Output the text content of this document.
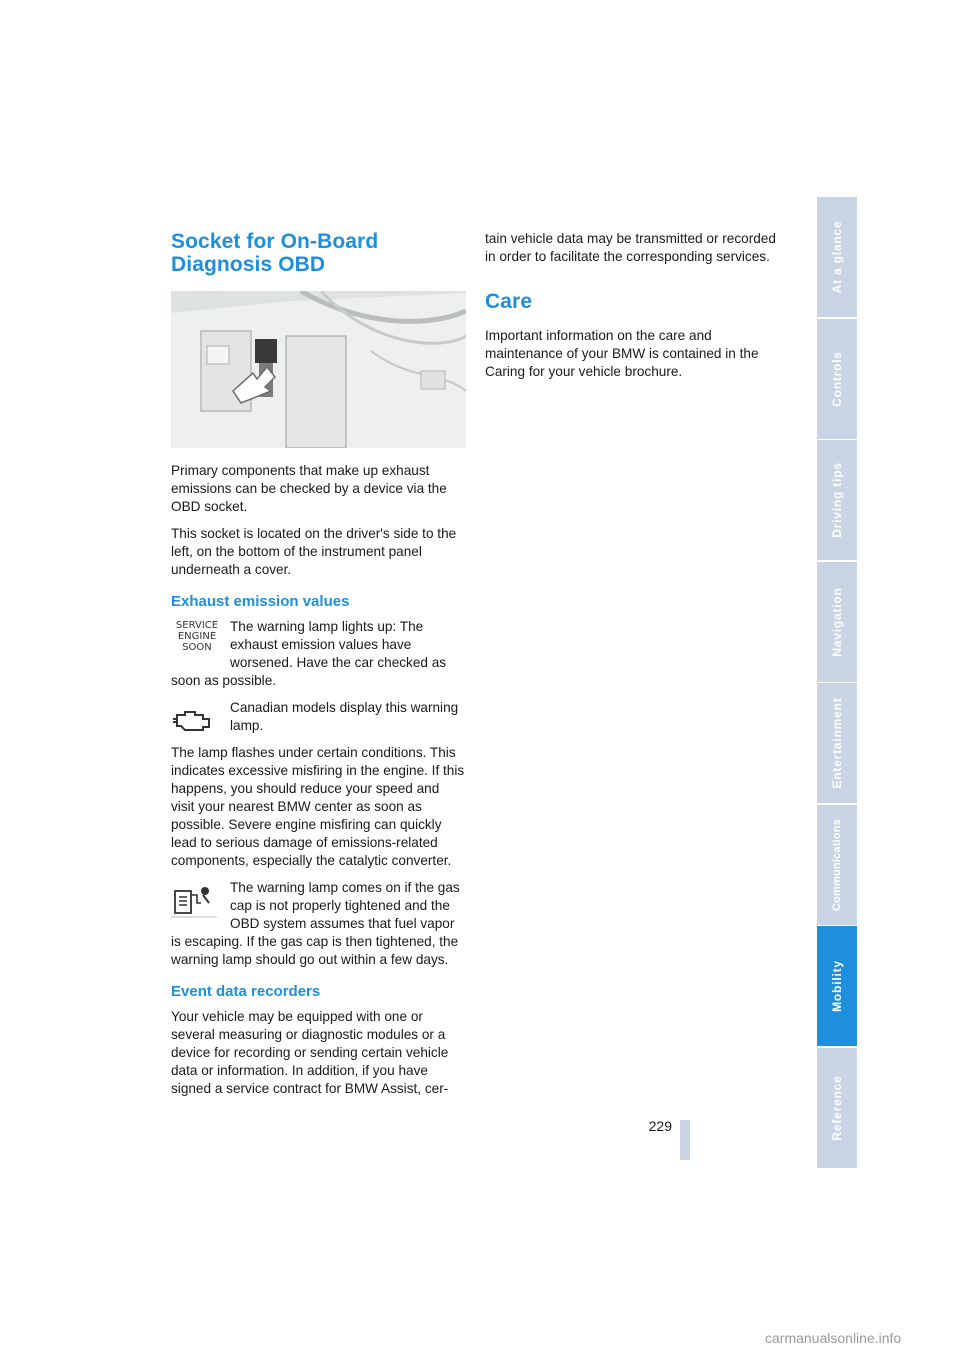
Socket for On-Board Diagnosis OBD

Primary components that make up exhaust emissions can be checked by a device via the OBD socket.

This socket is located on the driver's side to the left, on the bottom of the instrument panel underneath a cover.

Exhaust emission values
SERVICE
ENGINE
SOON

The warning lamp lights up: The exhaust emission values have worsened. Have the car checked as

soon as possible.

Canadian models display this warning lamp.

The lamp flashes under certain conditions. This indicates excessive misfiring in the engine. If this happens, you should reduce your speed and visit your nearest BMW center as soon as possible. Severe engine misfiring can quickly lead to serious damage of emissions-related components, especially the catalytic converter.

The warning lamp comes on if the gas cap is not properly tightened and the OBD system assumes that fuel vapor

is escaping. If the gas cap is then tightened, the warning lamp should go out within a few days.

Event data recorders

Your vehicle may be equipped with one or several measuring or diagnostic modules or a device for recording or sending certain vehicle data or information. In addition, if you have signed a service contract for BMW Assist, cer-

tain vehicle data may be transmitted or recorded in order to facilitate the corresponding services.

Care

Important information on the care and maintenance of your BMW is contained in the Caring for your vehicle brochure.

At a glance
Controls
Driving tips
Navigation
Entertainment
Communications
Mobility
Reference
229
carmanualsonline.info
